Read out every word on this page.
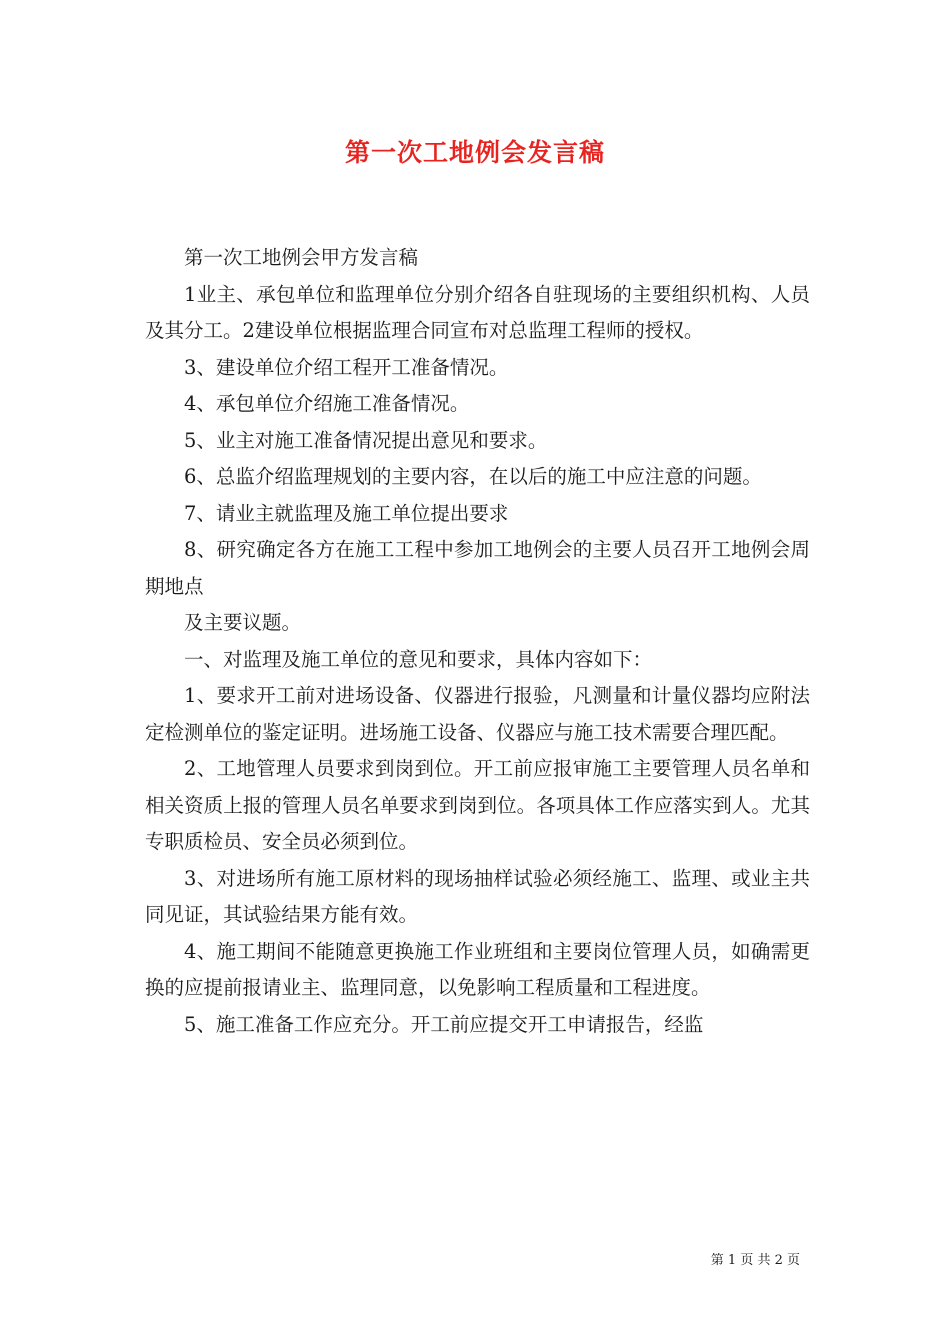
第一次工地例会发言稿

第一次工地例会甲方发言稿

1业主、承包单位和监理单位分别介绍各自驻现场的主要组织机构、人员及其分工。2建设单位根据监理合同宣布对总监理工程师的授权。

3、建设单位介绍工程开工准备情况。

4、承包单位介绍施工准备情况。

5、业主对施工准备情况提出意见和要求。

6、总监介绍监理规划的主要内容，在以后的施工中应注意的问题。

7、请业主就监理及施工单位提出要求

8、研究确定各方在施工工程中参加工地例会的主要人员召开工地例会周期地点

及主要议题。

一、对监理及施工单位的意见和要求，具体内容如下：

1、要求开工前对进场设备、仪器进行报验，凡测量和计量仪器均应附法定检测单位的鉴定证明。进场施工设备、仪器应与施工技术需要合理匹配。

2、工地管理人员要求到岗到位。开工前应报审施工主要管理人员名单和相关资质上报的管理人员名单要求到岗到位。各项具体工作应落实到人。尤其专职质检员、安全员必须到位。

3、对进场所有施工原材料的现场抽样试验必须经施工、监理、或业主共同见证，其试验结果方能有效。

4、施工期间不能随意更换施工作业班组和主要岗位管理人员，如确需更换的应提前报请业主、监理同意，以免影响工程质量和工程进度。

5、施工准备工作应充分。开工前应提交开工申请报告，经监

第 1 页 共 2 页
